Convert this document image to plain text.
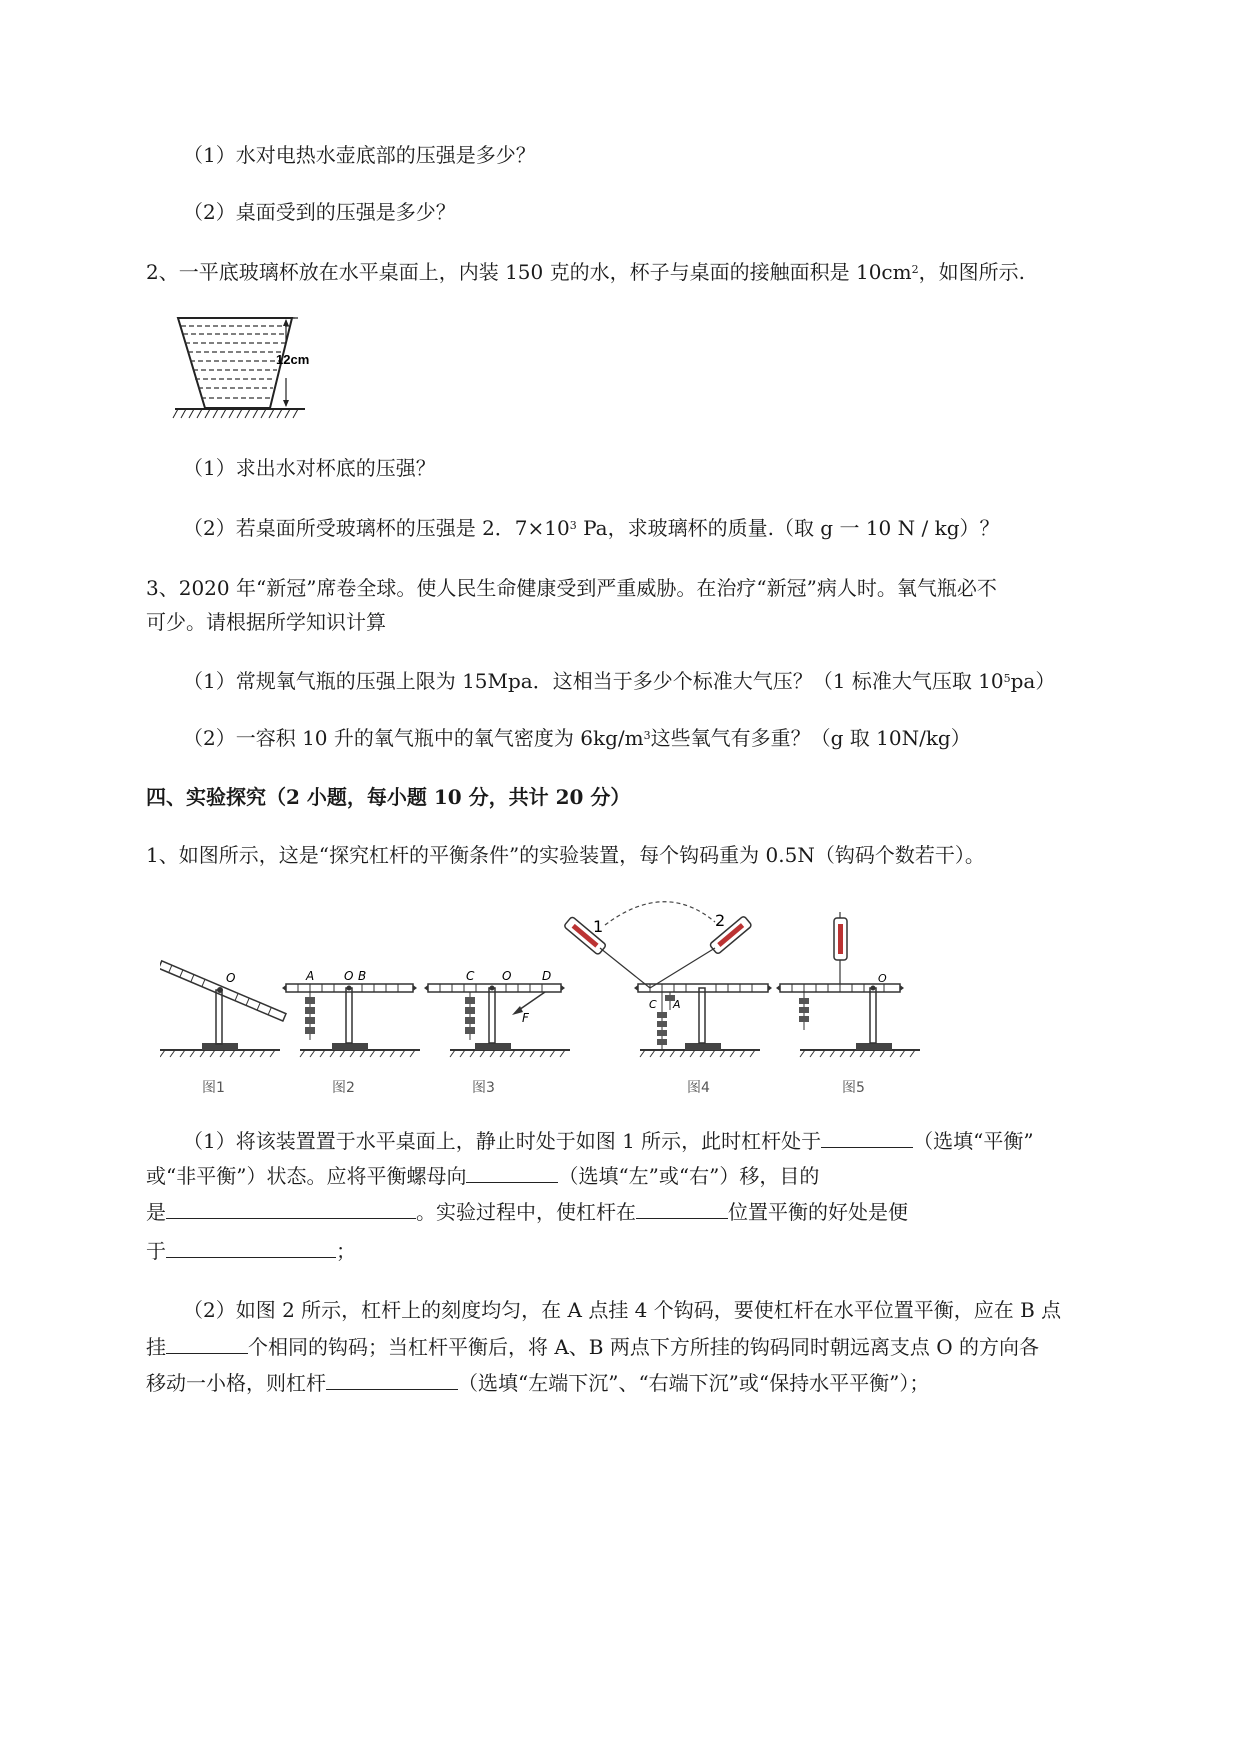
（1）水对电热水壶底部的压强是多少？
（2）桌面受到的压强是多少？
2、一平底玻璃杯放在水平桌面上，内装 150 克的水，杯子与桌面的接触面积是 $10cm^2$，如图所示.
12cm
（1）求出水对杯底的压强？
（2）若桌面所受玻璃杯的压强是 2．$7\times 10^3$ Pa，求玻璃杯的质量.（取 g 一 10 N / kg）？
3、2020 年“新冠”席卷全球。使人民生命健康受到严重威胁。在治疗“新冠”病人时。氧气瓶必不
可少。请根据所学知识计算
（1）常规氧气瓶的压强上限为 15Mpa．这相当于多少个标准大气压？（1 标准大气压取 $10^5pa$）
（2）一容积 10 升的氧气瓶中的氧气密度为 $6kg/m^3$这些氧气有多重？（g 取 10N/kg）
四、实验探究（2 小题，每小题 10 分，共计 20 分）
1、如图所示，这是“探究杠杆的平衡条件”的实验装置，每个钩码重为 0.5N（钩码个数若干）。
O
图1
A O B
图2
C O	D
F
图3
1	2
C A
图4
O
图5
（1）将该装置置于水平桌面上，静止时处于如图 1 所示，此时杠杆处于	（选填“平衡”
或“非平衡”）状态。应将平衡螺母向	（选填“左”或“右”）移，目的
是	。实验过程中，使杠杆在	位置平衡的好处是便
于	；
（2）如图 2 所示，杠杆上的刻度均匀，在 A 点挂 4 个钩码，要使杠杆在水平位置平衡，应在 B 点
挂	个相同的钩码；当杠杆平衡后，将 A、B 两点下方所挂的钩码同时朝远离支点 O 的方向各
移动一小格，则杠杆	（选填“左端下沉”、“右端下沉”或“保持水平平衡”）；
